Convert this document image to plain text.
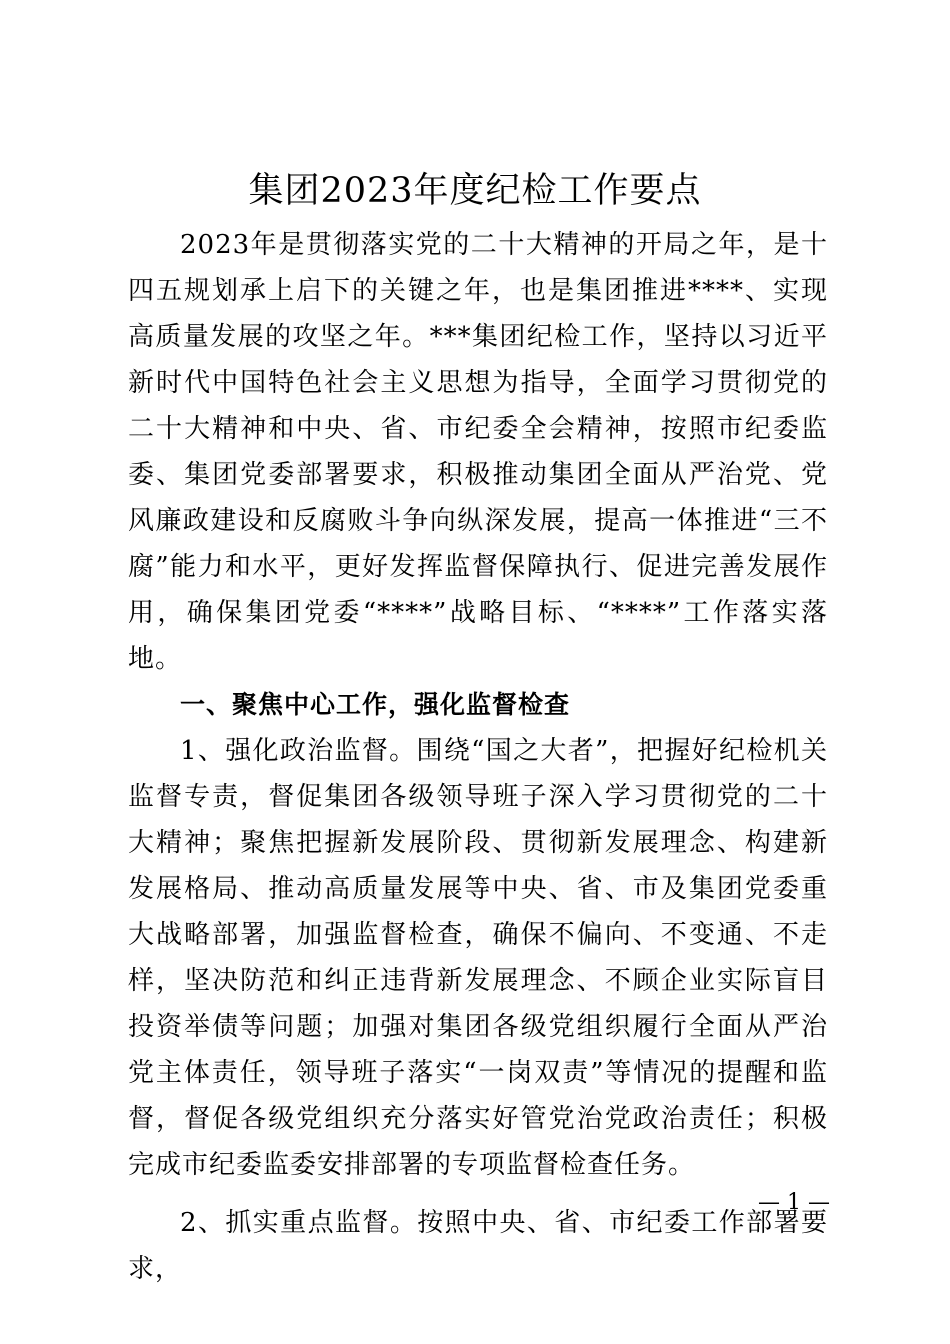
集团2023年度纪检工作要点

2023年是贯彻落实党的二十大精神的开局之年，是十四五规划承上启下的关键之年，也是集团推进****、实现高质量发展的攻坚之年。***集团纪检工作，坚持以习近平新时代中国特色社会主义思想为指导，全面学习贯彻党的二十大精神和中央、省、市纪委全会精神，按照市纪委监委、集团党委部署要求，积极推动集团全面从严治党、党风廉政建设和反腐败斗争向纵深发展，提高一体推进“三不腐”能力和水平，更好发挥监督保障执行、促进完善发展作用，确保集团党委“****”战略目标、“****”工作落实落地。

一、聚焦中心工作，强化监督检查

1、强化政治监督。围绕“国之大者”，把握好纪检机关监督专责，督促集团各级领导班子深入学习贯彻党的二十大精神；聚焦把握新发展阶段、贯彻新发展理念、构建新发展格局、推动高质量发展等中央、省、市及集团党委重大战略部署，加强监督检查，确保不偏向、不变通、不走样，坚决防范和纠正违背新发展理念、不顾企业实际盲目投资举债等问题；加强对集团各级党组织履行全面从严治党主体责任，领导班子落实“一岗双责”等情况的提醒和监督，督促各级党组织充分落实好管党治党政治责任；积极完成市纪委监委安排部署的专项监督检查任务。

2、抓实重点监督。按照中央、省、市纪委工作部署要求，

— 1 —
